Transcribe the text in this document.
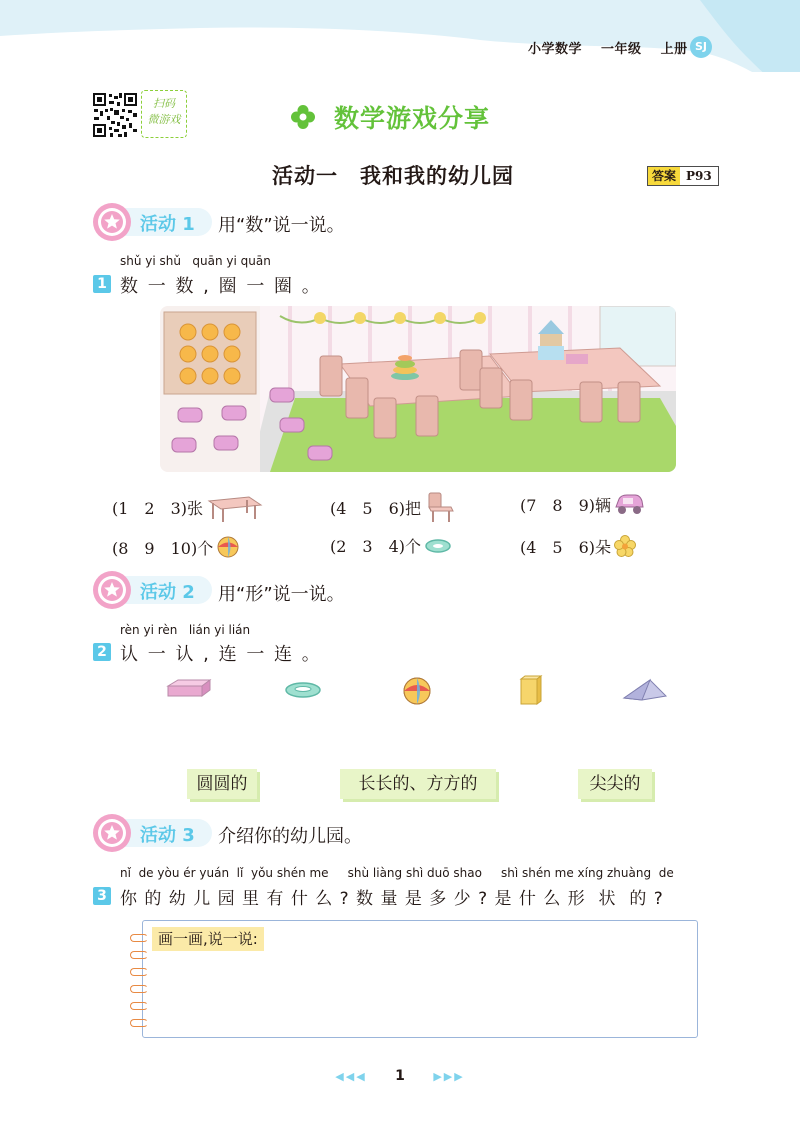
小学数学 一年级 上册 SJ
扫码
微游戏	数学游戏分享
活动一　我和我的幼儿园	答案 P93
活动 1 用“数”说一说。
shǔ yi shǔ   quān yi quān
1 数 一 数 , 圈 一 圈 。
(1　2　3)张	(4　5　6)把	(7　8　9)辆
(8　9　10)个	(2　3　4)个	(4　5　6)朵
活动 2 用“形”说一说。
rèn yi rèn   lián yi lián
2 认 一 认 , 连 一 连 。
圆圆的	长长的、方方的	尖尖的
活动 3 介绍你的幼儿园。
nǐ  de yòu ér yuán  lǐ  yǒu shén me     shù liàng shì duō shao     shì shén me xíng zhuàng  de
3 你 的 幼 儿 园 里 有 什 么 ? 数 量 是 多 少 ? 是 什 么 形  状  的 ?
画一画,说一说:
◀◀◀ 1	▶▶▶
